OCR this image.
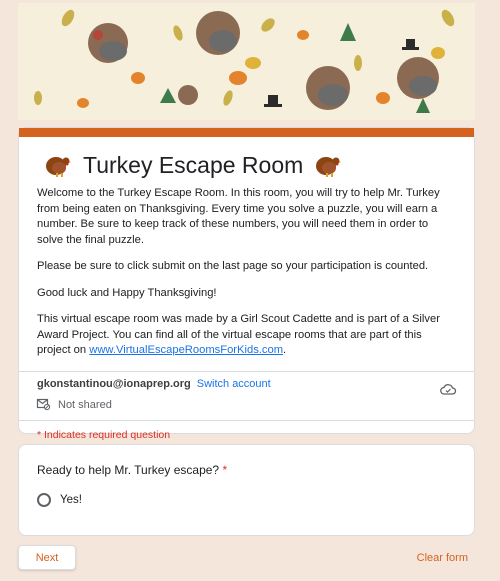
Turkey Escape Room

Welcome to the Turkey Escape Room. In this room, you will try to help Mr. Turkey from being eaten on Thanksgiving. Every time you solve a puzzle, you will earn a number. Be sure to keep track of these numbers, you will need them in order to solve the final puzzle.

Please be sure to click submit on the last page so your participation is counted.

Good luck and Happy Thanksgiving!

This virtual escape room was made by a Girl Scout Cadette and is part of a Silver Award Project. You can find all of the virtual escape rooms that are part of this project on www.VirtualEscapeRoomsForKids.com.

gkonstantinou@ionaprep.org Switch account
Not shared
* Indicates required question
Ready to help Mr. Turkey escape? *
Yes!
Next	Clear form
